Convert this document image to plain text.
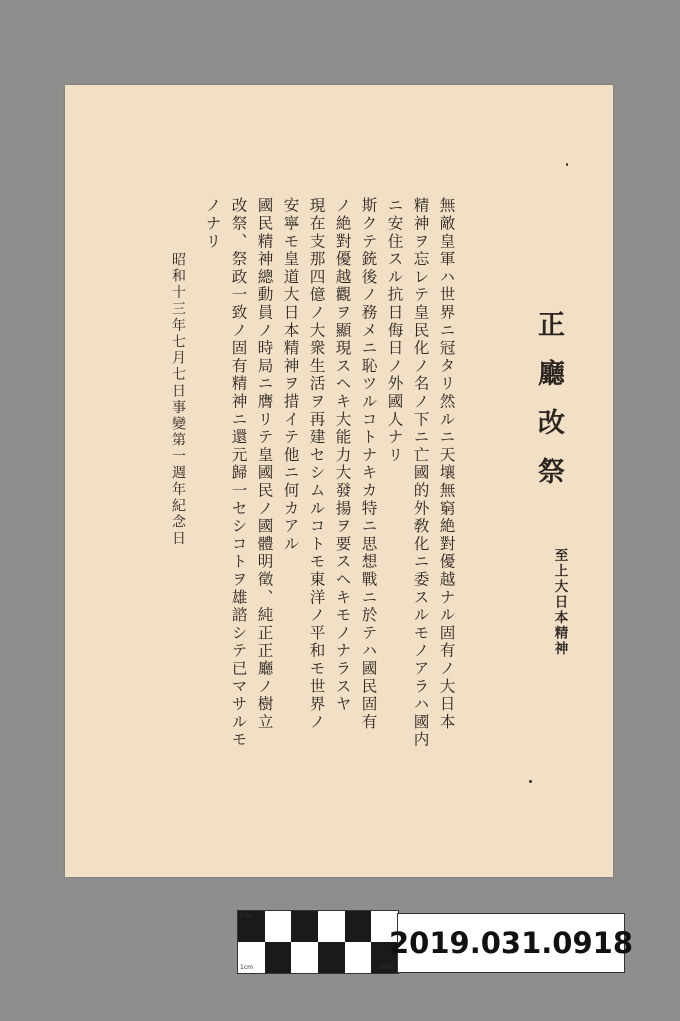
正廳改祭
至上大日本精神
無敵皇軍ハ世界ニ冠タリ然ルニ天壤無窮絶對優越ナル固有ノ大日本
精神ヲ忘レテ皇民化ノ名ノ下ニ亡國的外敎化ニ委スルモノアラハ國内
ニ安住スル抗日侮日ノ外國人ナリ
斯クテ銃後ノ務メニ恥ツルコトナキカ特ニ思想戰ニ於テハ國民固有
ノ絶對優越觀ヲ顯現スヘキ大能力大發揚ヲ要スヘキモノナラスヤ
現在支那四億ノ大衆生活ヲ再建セシムルコトモ東洋ノ平和モ世界ノ
安寧モ皇道大日本精神ヲ措イテ他ニ何カアル
國民精神總動員ノ時局ニ膺リテ皇國民ノ國體明徵、純正正廳ノ樹立
改祭、祭政一致ノ固有精神ニ還元歸一セシコトヲ雄諮シテ已マサルモ
ノナリ
昭和十三年七月七日事變第一週年紀念日
1cm	5cm
2cm
2019.031.0918
